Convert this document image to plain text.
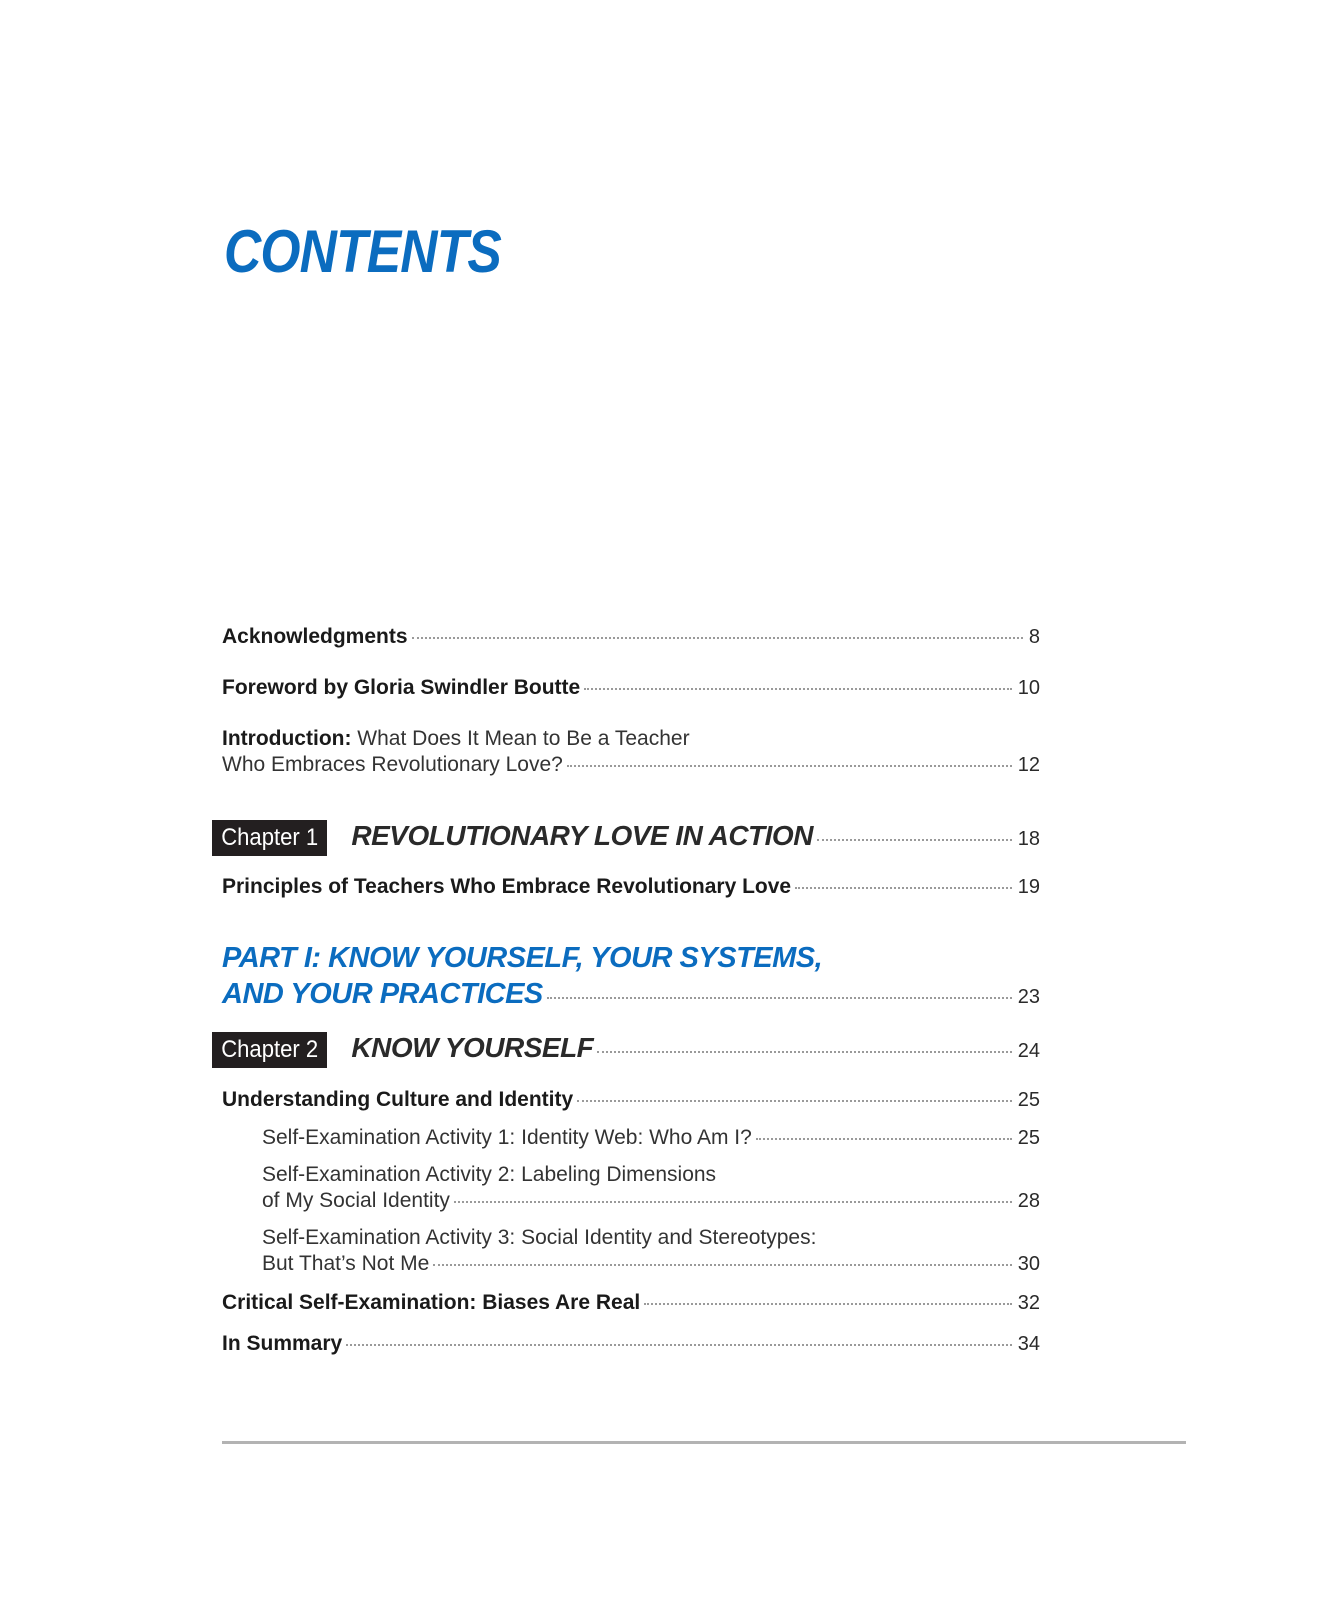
CONTENTS
Acknowledgments	8
Foreword by Gloria Swindler Boutte	10
Introduction: What Does It Mean to Be a Teacher
Who Embraces Revolutionary Love?	12
Chapter 1	REVOLUTIONARY LOVE IN ACTION	18
Principles of Teachers Who Embrace Revolutionary Love	19
PART I: KNOW YOURSELF, YOUR SYSTEMS,
AND YOUR PRACTICES	23
Chapter 2	KNOW YOURSELF	24
Understanding Culture and Identity	25
Self-Examination Activity 1: Identity Web: Who Am I?	25
Self-Examination Activity 2: Labeling Dimensions
of My Social Identity	28
Self-Examination Activity 3: Social Identity and Stereotypes:
But That’s Not Me	30
Critical Self-Examination: Biases Are Real	32
In Summary	34
